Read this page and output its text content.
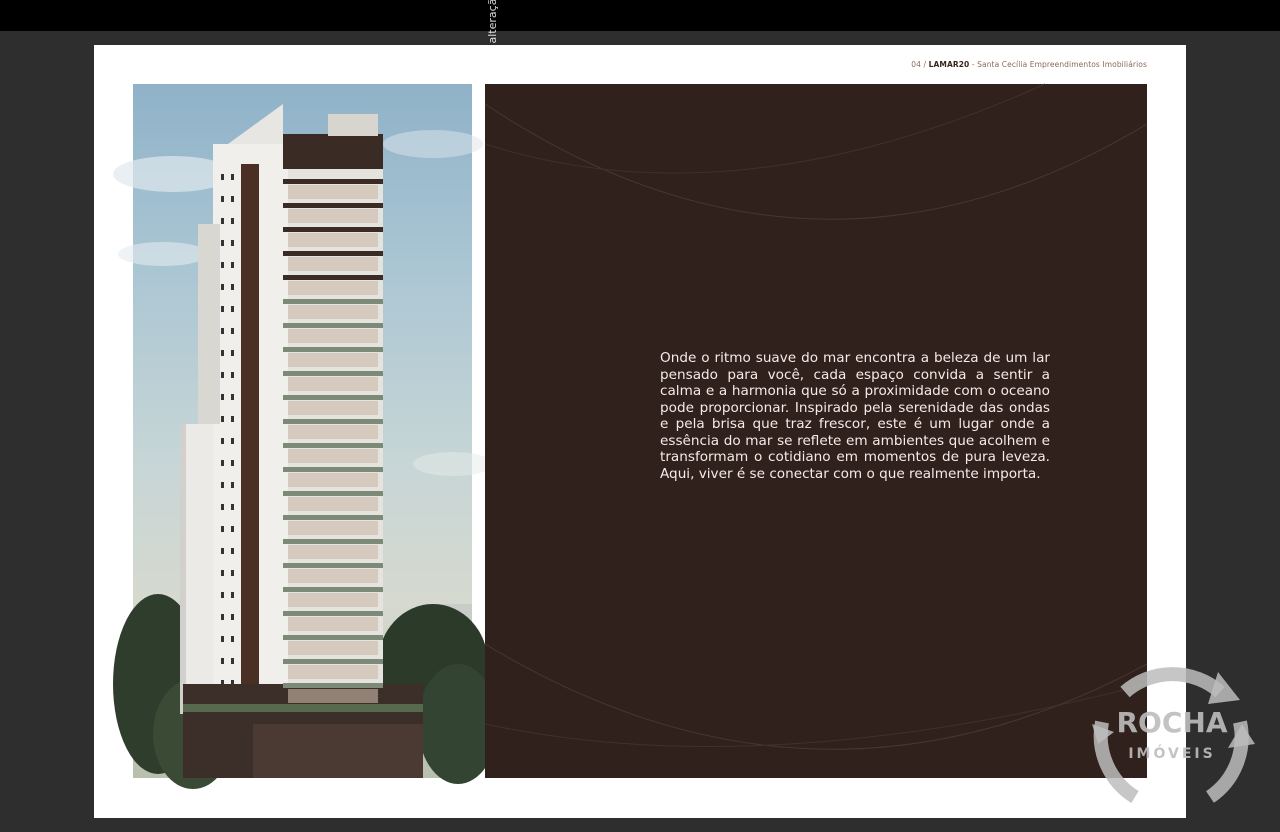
04 / LAMAR20 - Santa Cecília Empreendimentos Imobiliários

Onde o ritmo suave do mar encontra a beleza de um lar pensado para você, cada espaço convida a sentir a calma e a harmonia que só a proximidade com o oceano pode proporcionar. Inspirado pela serenidade das ondas e pela brisa que traz frescor, este é um lugar onde a essência do mar se reflete em ambientes que acolhem e transformam o cotidiano em momentos de pura leveza. Aqui, viver é se conectar com o que realmente importa.

ROCHA
IMÓVEIS
